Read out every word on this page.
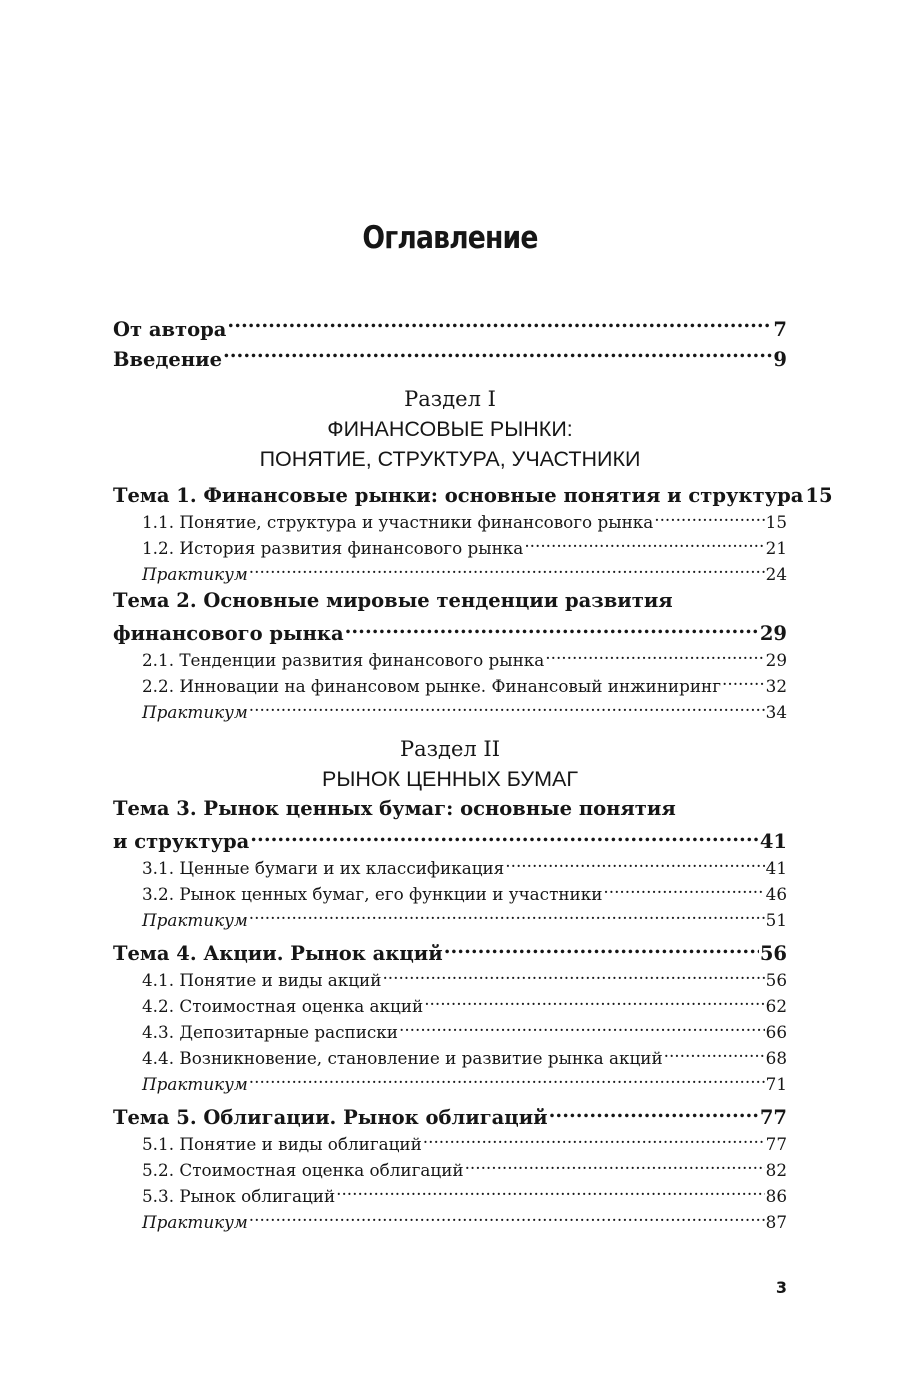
Оглавление
От автора .....	7
Введение .....	9
Раздел I
ФИНАНСОВЫЕ РЫНКИ:
ПОНЯТИЕ, СТРУКТУРА, УЧАСТНИКИ
Тема 1. Финансовые рынки: основные понятия и структура 15
1.1. Понятие, структура и участники финансового рынка .....	15
1.2. История развития финансового рынка .....	21
Практикум .....	24
Тема 2. Основные мировые тенденции развития
финансового рынка .....	29
2.1. Тенденции развития финансового рынка .....	29
2.2. Инновации на финансовом рынке. Финансовый инжиниринг .....	32
Практикум .....	34
Раздел II
РЫНОК ЦЕННЫХ БУМАГ
Тема 3. Рынок ценных бумаг: основные понятия
и структура .....	41
3.1. Ценные бумаги и их классификация .....	41
3.2. Рынок ценных бумаг, его функции и участники .....	46
Практикум .....	51
Тема 4. Акции. Рынок акций .....	56
4.1. Понятие и виды акций .....	56
4.2. Стоимостная оценка акций .....	62
4.3. Депозитарные расписки .....	66
4.4. Возникновение, становление и развитие рынка акций .....	68
Практикум .....	71
Тема 5. Облигации. Рынок облигаций .....	77
5.1. Понятие и виды облигаций .....	77
5.2. Стоимостная оценка облигаций .....	82
5.3. Рынок облигаций .....	86
Практикум .....	87
3
